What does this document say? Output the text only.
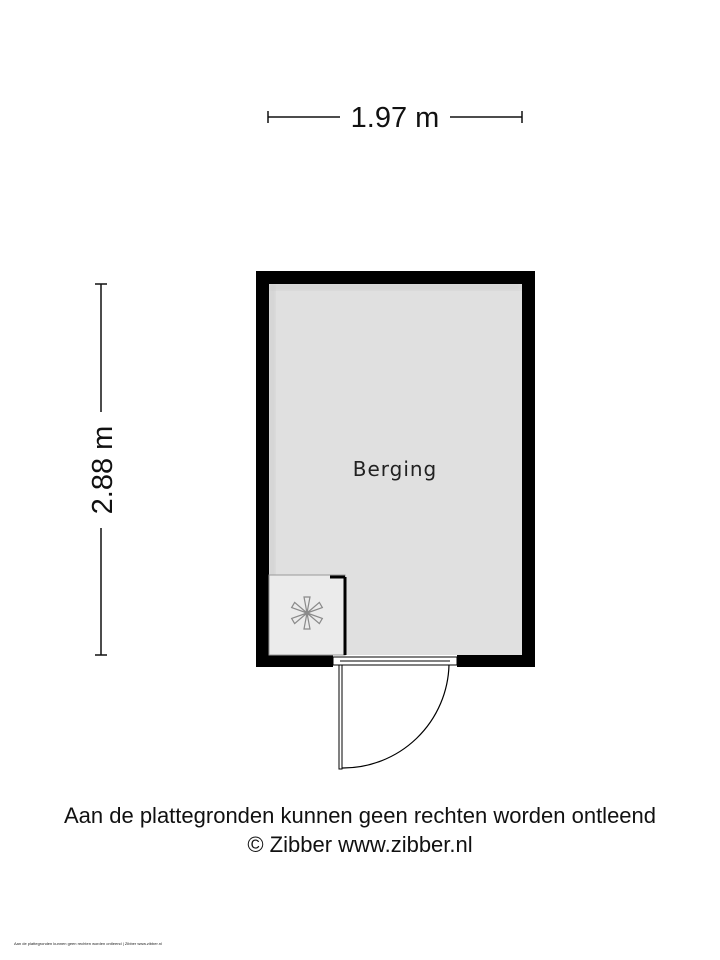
1.97 m
2.88 m	Berging
Aan de plattegronden kunnen geen rechten worden ontleend
© Zibber www.zibber.nl
Aan de plattegronden kunnen geen rechten worden ontleend | Zibber www.zibber.nl
